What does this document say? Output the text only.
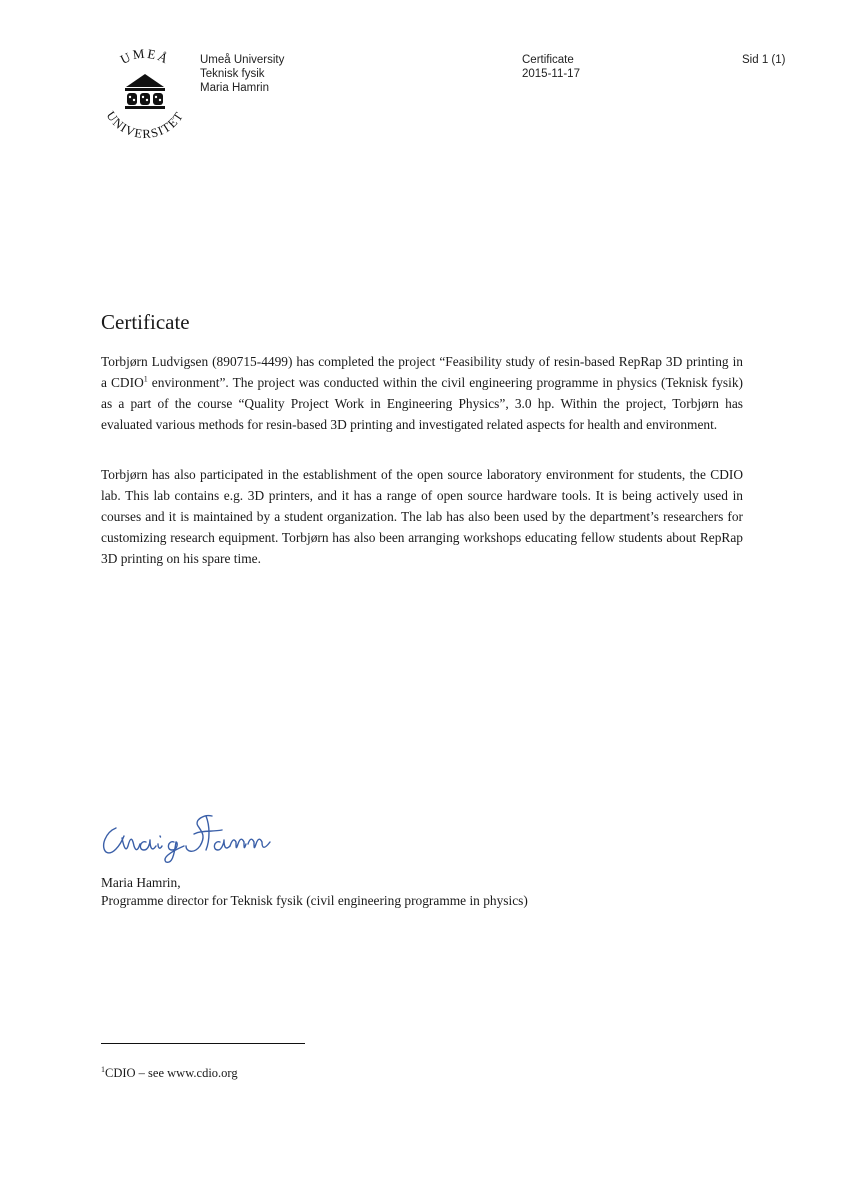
UMEÅ
UNIVERSITET
Umeå University
Teknisk fysik
Maria Hamrin
Certificate
2015-11-17
Sid 1 (1)
Certificate

Torbjørn Ludvigsen (890715-4499) has completed the project “Feasibility study of resin-based RepRap 3D printing in a CDIO$^1$ environment”. The project was conducted within the civil engineering programme in physics (Teknisk fysik) as a part of the course “Quality Project Work in Engineering Physics”, 3.0 hp. Within the project, Torbjørn has evaluated various methods for resin-based 3D printing and investigated related aspects for health and environment.

Torbjørn has also participated in the establishment of the open source laboratory environment for students, the CDIO lab. This lab contains e.g. 3D printers, and it has a range of open source hardware tools. It is being actively used in courses and it is maintained by a student organization. The lab has also been used by the department’s researchers for customizing research equipment. Torbjørn has also been arranging workshops educating fellow students about RepRap 3D printing on his spare time.

Maria Hamrin,
Programme director for Teknisk fysik (civil engineering programme in physics)
$^1$CDIO – see www.cdio.org
